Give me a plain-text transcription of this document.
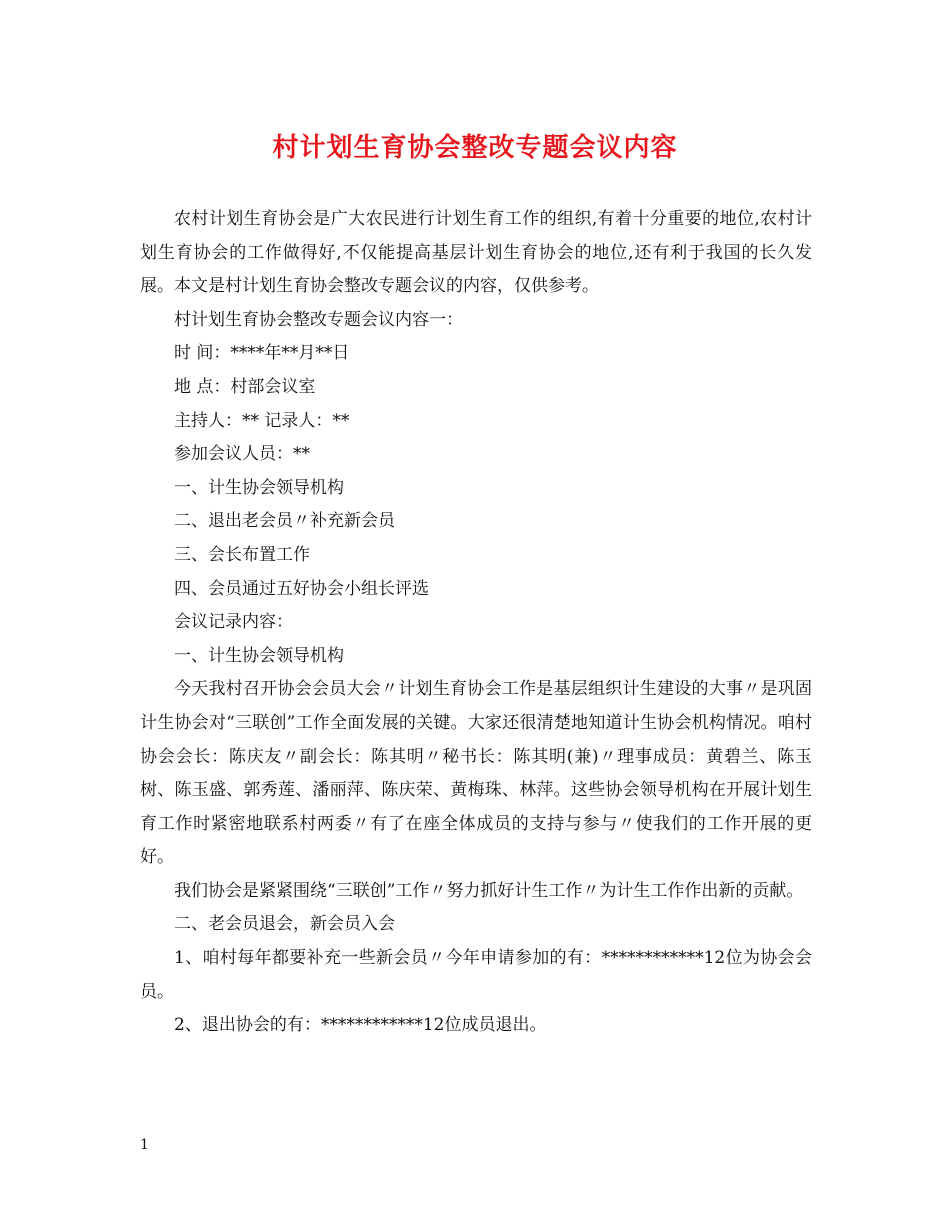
村计划生育协会整改专题会议内容

农村计划生育协会是广大农民进行计划生育工作的组织,有着十分重要的地位,农村计划生育协会的工作做得好,不仅能提高基层计划生育协会的地位,还有利于我国的长久发展。本文是村计划生育协会整改专题会议的内容，仅供参考。

村计划生育协会整改专题会议内容一：

时 间：****年**月**日

地 点：村部会议室

主持人：** 记录人：**

参加会议人员：**

一、计生协会领导机构

二、退出老会员〃补充新会员

三、会长布置工作

四、会员通过五好协会小组长评选

会议记录内容：

一、计生协会领导机构

今天我村召开协会会员大会〃计划生育协会工作是基层组织计生建设的大事〃是巩固计生协会对“三联创”工作全面发展的关键。大家还很清楚地知道计生协会机构情况。咱村协会会长：陈庆友〃副会长：陈其明〃秘书长：陈其明(兼)〃理事成员：黄碧兰、陈玉树、陈玉盛、郭秀莲、潘丽萍、陈庆荣、黄梅珠、林萍。这些协会领导机构在开展计划生育工作时紧密地联系村两委〃有了在座全体成员的支持与参与〃使我们的工作开展的更好。

我们协会是紧紧围绕“三联创”工作〃努力抓好计生工作〃为计生工作作出新的贡献。

二、老会员退会，新会员入会

1、咱村每年都要补充一些新会员〃今年申请参加的有：************12位为协会会员。

2、退出协会的有：************12位成员退出。

1
